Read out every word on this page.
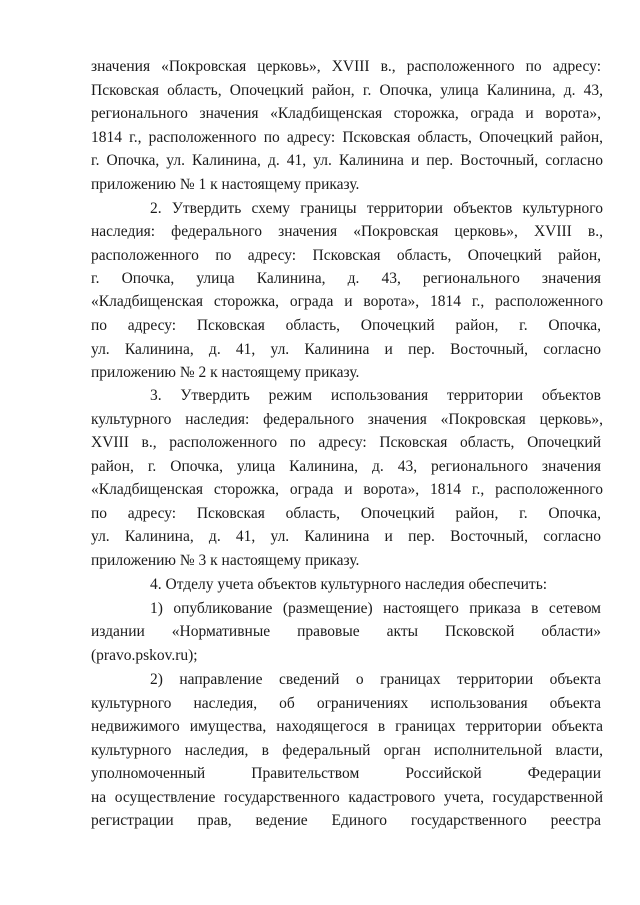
значения «Покровская церковь», XVIII в., расположенного по адресу:
Псковская область, Опочецкий район, г. Опочка, улица Калинина, д. 43,
регионального значения «Кладбищенская сторожка, ограда и ворота»,
1814 г., расположенного по адресу: Псковская область, Опочецкий район,
г. Опочка, ул. Калинина, д. 41, ул. Калинина и пер. Восточный, согласно
приложению № 1 к настоящему приказу.
2. Утвердить схему границы территории объектов культурного
наследия: федерального значения «Покровская церковь», XVIII в.,
расположенного по адресу: Псковская область, Опочецкий район,
г. Опочка, улица Калинина, д. 43, регионального значения
«Кладбищенская сторожка, ограда и ворота», 1814 г., расположенного
по адресу: Псковская область, Опочецкий район, г. Опочка,
ул. Калинина, д. 41, ул. Калинина и пер. Восточный, согласно
приложению № 2 к настоящему приказу.
3. Утвердить режим использования территории объектов
культурного наследия: федерального значения «Покровская церковь»,
XVIII в., расположенного по адресу: Псковская область, Опочецкий
район, г. Опочка, улица Калинина, д. 43, регионального значения
«Кладбищенская сторожка, ограда и ворота», 1814 г., расположенного
по адресу: Псковская область, Опочецкий район, г. Опочка,
ул. Калинина, д. 41, ул. Калинина и пер. Восточный, согласно
приложению № 3 к настоящему приказу.
4. Отделу учета объектов культурного наследия обеспечить:
1) опубликование (размещение) настоящего приказа в сетевом
издании «Нормативные правовые акты Псковской области»
(pravo.pskov.ru);
2) направление сведений о границах территории объекта
культурного наследия, об ограничениях использования объекта
недвижимого имущества, находящегося в границах территории объекта
культурного наследия, в федеральный орган исполнительной власти,
уполномоченный Правительством Российской Федерации
на осуществление государственного кадастрового учета, государственной
регистрации прав, ведение Единого государственного реестра
